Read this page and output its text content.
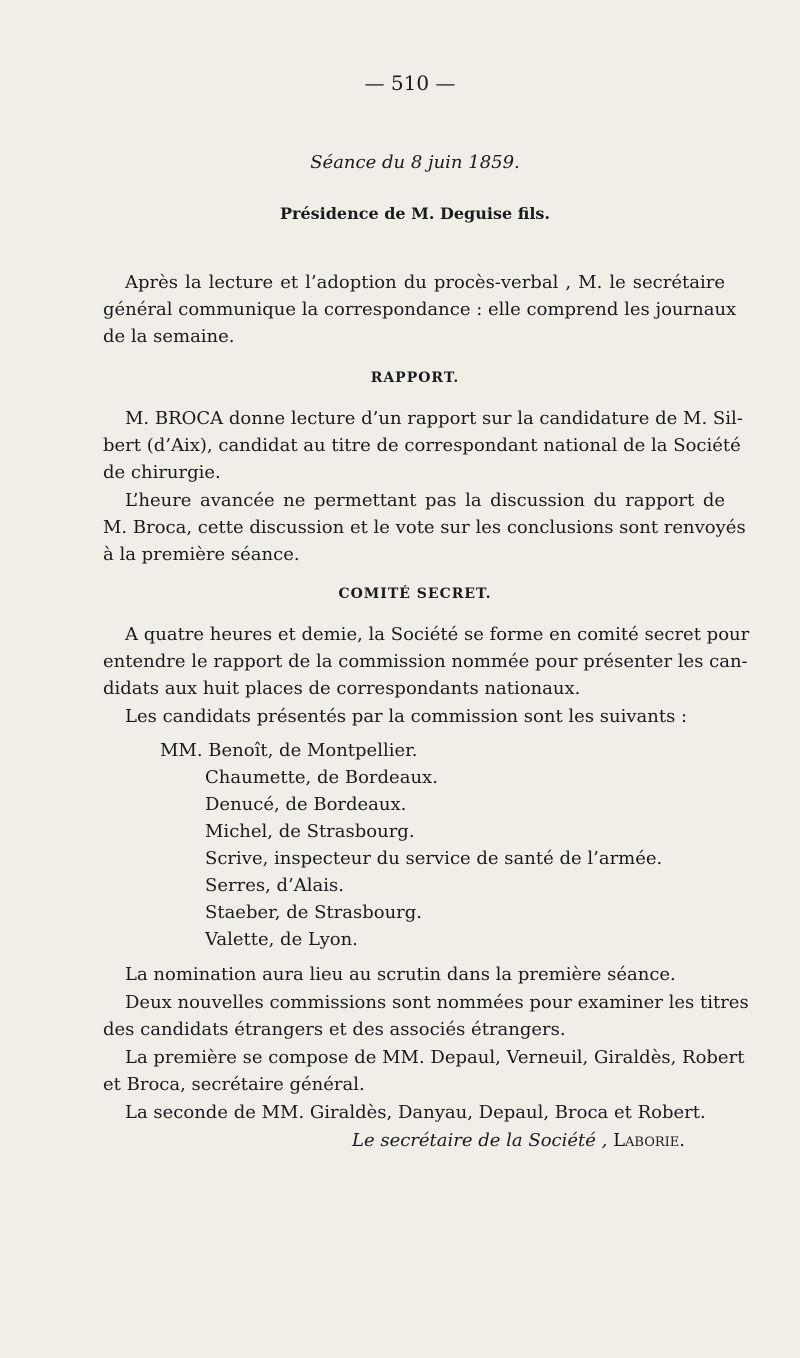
— 510 —
Séance du 8 juin 1859.
Présidence de M. Deguise fils.
Après la lecture et l’adoption du procès-verbal , M. le secrétaire
général communique la correspondance : elle comprend les journaux
de la semaine.
RAPPORT.
M. BROCA donne lecture d’un rapport sur la candidature de M. Sil-
bert (d’Aix), candidat au titre de correspondant national de la Société
de chirurgie.
L’heure avancée ne permettant pas la discussion du rapport de
M. Broca, cette discussion et le vote sur les conclusions sont renvoyés
à la première séance.
COMITÉ SECRET.
A quatre heures et demie, la Société se forme en comité secret pour
entendre le rapport de la commission nommée pour présenter les can-
didats aux huit places de correspondants nationaux.
Les candidats présentés par la commission sont les suivants :
MM. Benoît, de Montpellier.
Chaumette, de Bordeaux.
Denucé, de Bordeaux.
Michel, de Strasbourg.
Scrive, inspecteur du service de santé de l’armée.
Serres, d’Alais.
Staeber, de Strasbourg.
Valette, de Lyon.
La nomination aura lieu au scrutin dans la première séance.
Deux nouvelles commissions sont nommées pour examiner les titres
des candidats étrangers et des associés étrangers.
La première se compose de MM. Depaul, Verneuil, Giraldès, Robert
et Broca, secrétaire général.
La seconde de MM. Giraldès, Danyau, Depaul, Broca et Robert.
Le secrétaire de la Société , Laborie.
